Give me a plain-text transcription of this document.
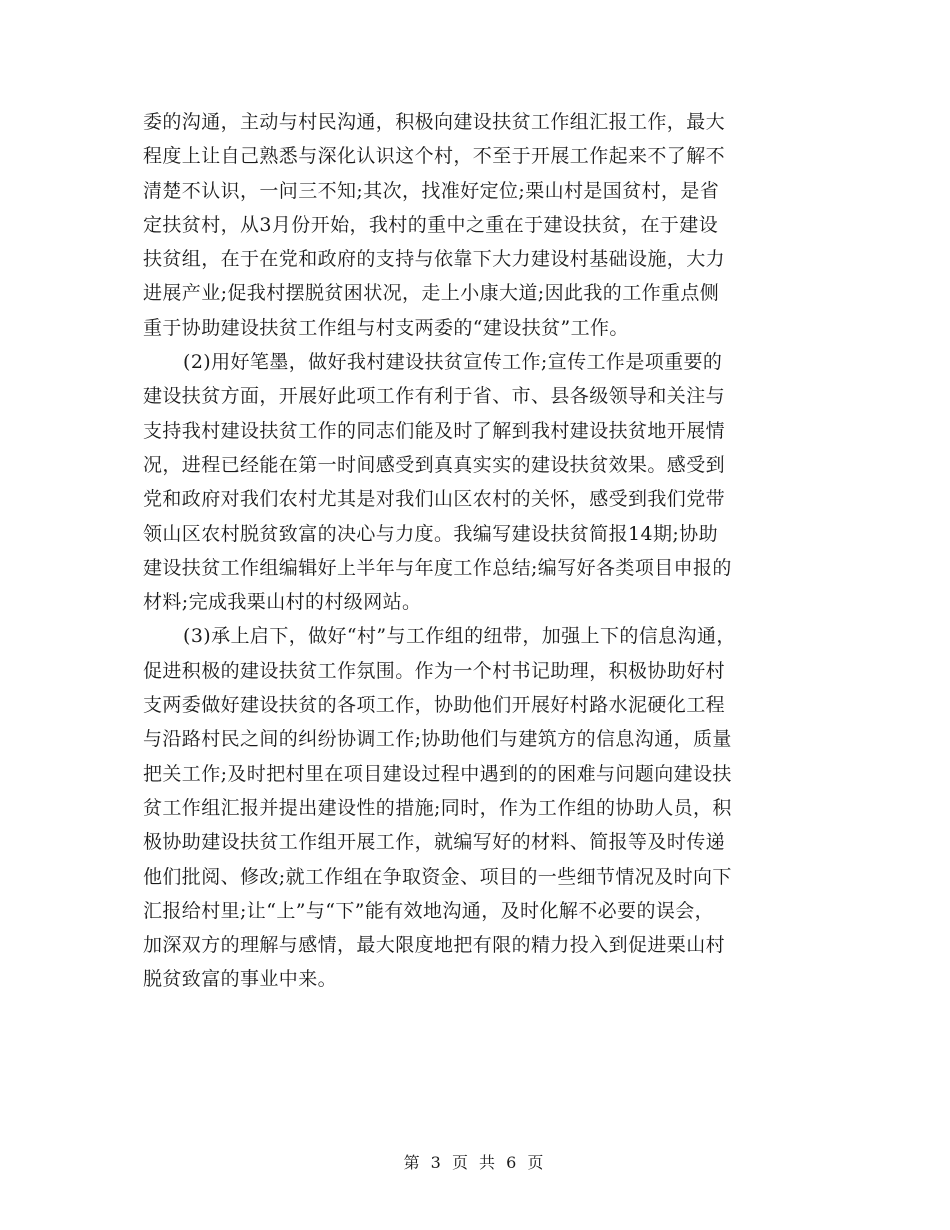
委的沟通，主动与村民沟通，积极向建设扶贫工作组汇报工作，最大
程度上让自己熟悉与深化认识这个村，不至于开展工作起来不了解不
清楚不认识，一问三不知;其次，找准好定位;栗山村是国贫村，是省
定扶贫村，从3月份开始，我村的重中之重在于建设扶贫，在于建设
扶贫组，在于在党和政府的支持与依靠下大力建设村基础设施，大力
进展产业;促我村摆脱贫困状况，走上小康大道;因此我的工作重点侧
重于协助建设扶贫工作组与村支两委的“建设扶贫”工作。
(2)用好笔墨，做好我村建设扶贫宣传工作;宣传工作是项重要的
建设扶贫方面，开展好此项工作有利于省、市、县各级领导和关注与
支持我村建设扶贫工作的同志们能及时了解到我村建设扶贫地开展情
况，进程已经能在第一时间感受到真真实实的建设扶贫效果。感受到
党和政府对我们农村尤其是对我们山区农村的关怀，感受到我们党带
领山区农村脱贫致富的决心与力度。我编写建设扶贫简报14期;协助
建设扶贫工作组编辑好上半年与年度工作总结;编写好各类项目申报的
材料;完成我栗山村的村级网站。
(3)承上启下，做好“村”与工作组的纽带，加强上下的信息沟通，
促进积极的建设扶贫工作氛围。作为一个村书记助理，积极协助好村
支两委做好建设扶贫的各项工作，协助他们开展好村路水泥硬化工程
与沿路村民之间的纠纷协调工作;协助他们与建筑方的信息沟通，质量
把关工作;及时把村里在项目建设过程中遇到的的困难与问题向建设扶
贫工作组汇报并提出建设性的措施;同时，作为工作组的协助人员，积
极协助建设扶贫工作组开展工作，就编写好的材料、简报等及时传递
他们批阅、修改;就工作组在争取资金、项目的一些细节情况及时向下
汇报给村里;让“上”与“下”能有效地沟通，及时化解不必要的误会，
加深双方的理解与感情，最大限度地把有限的精力投入到促进栗山村
脱贫致富的事业中来。
第 3 页 共 6 页
